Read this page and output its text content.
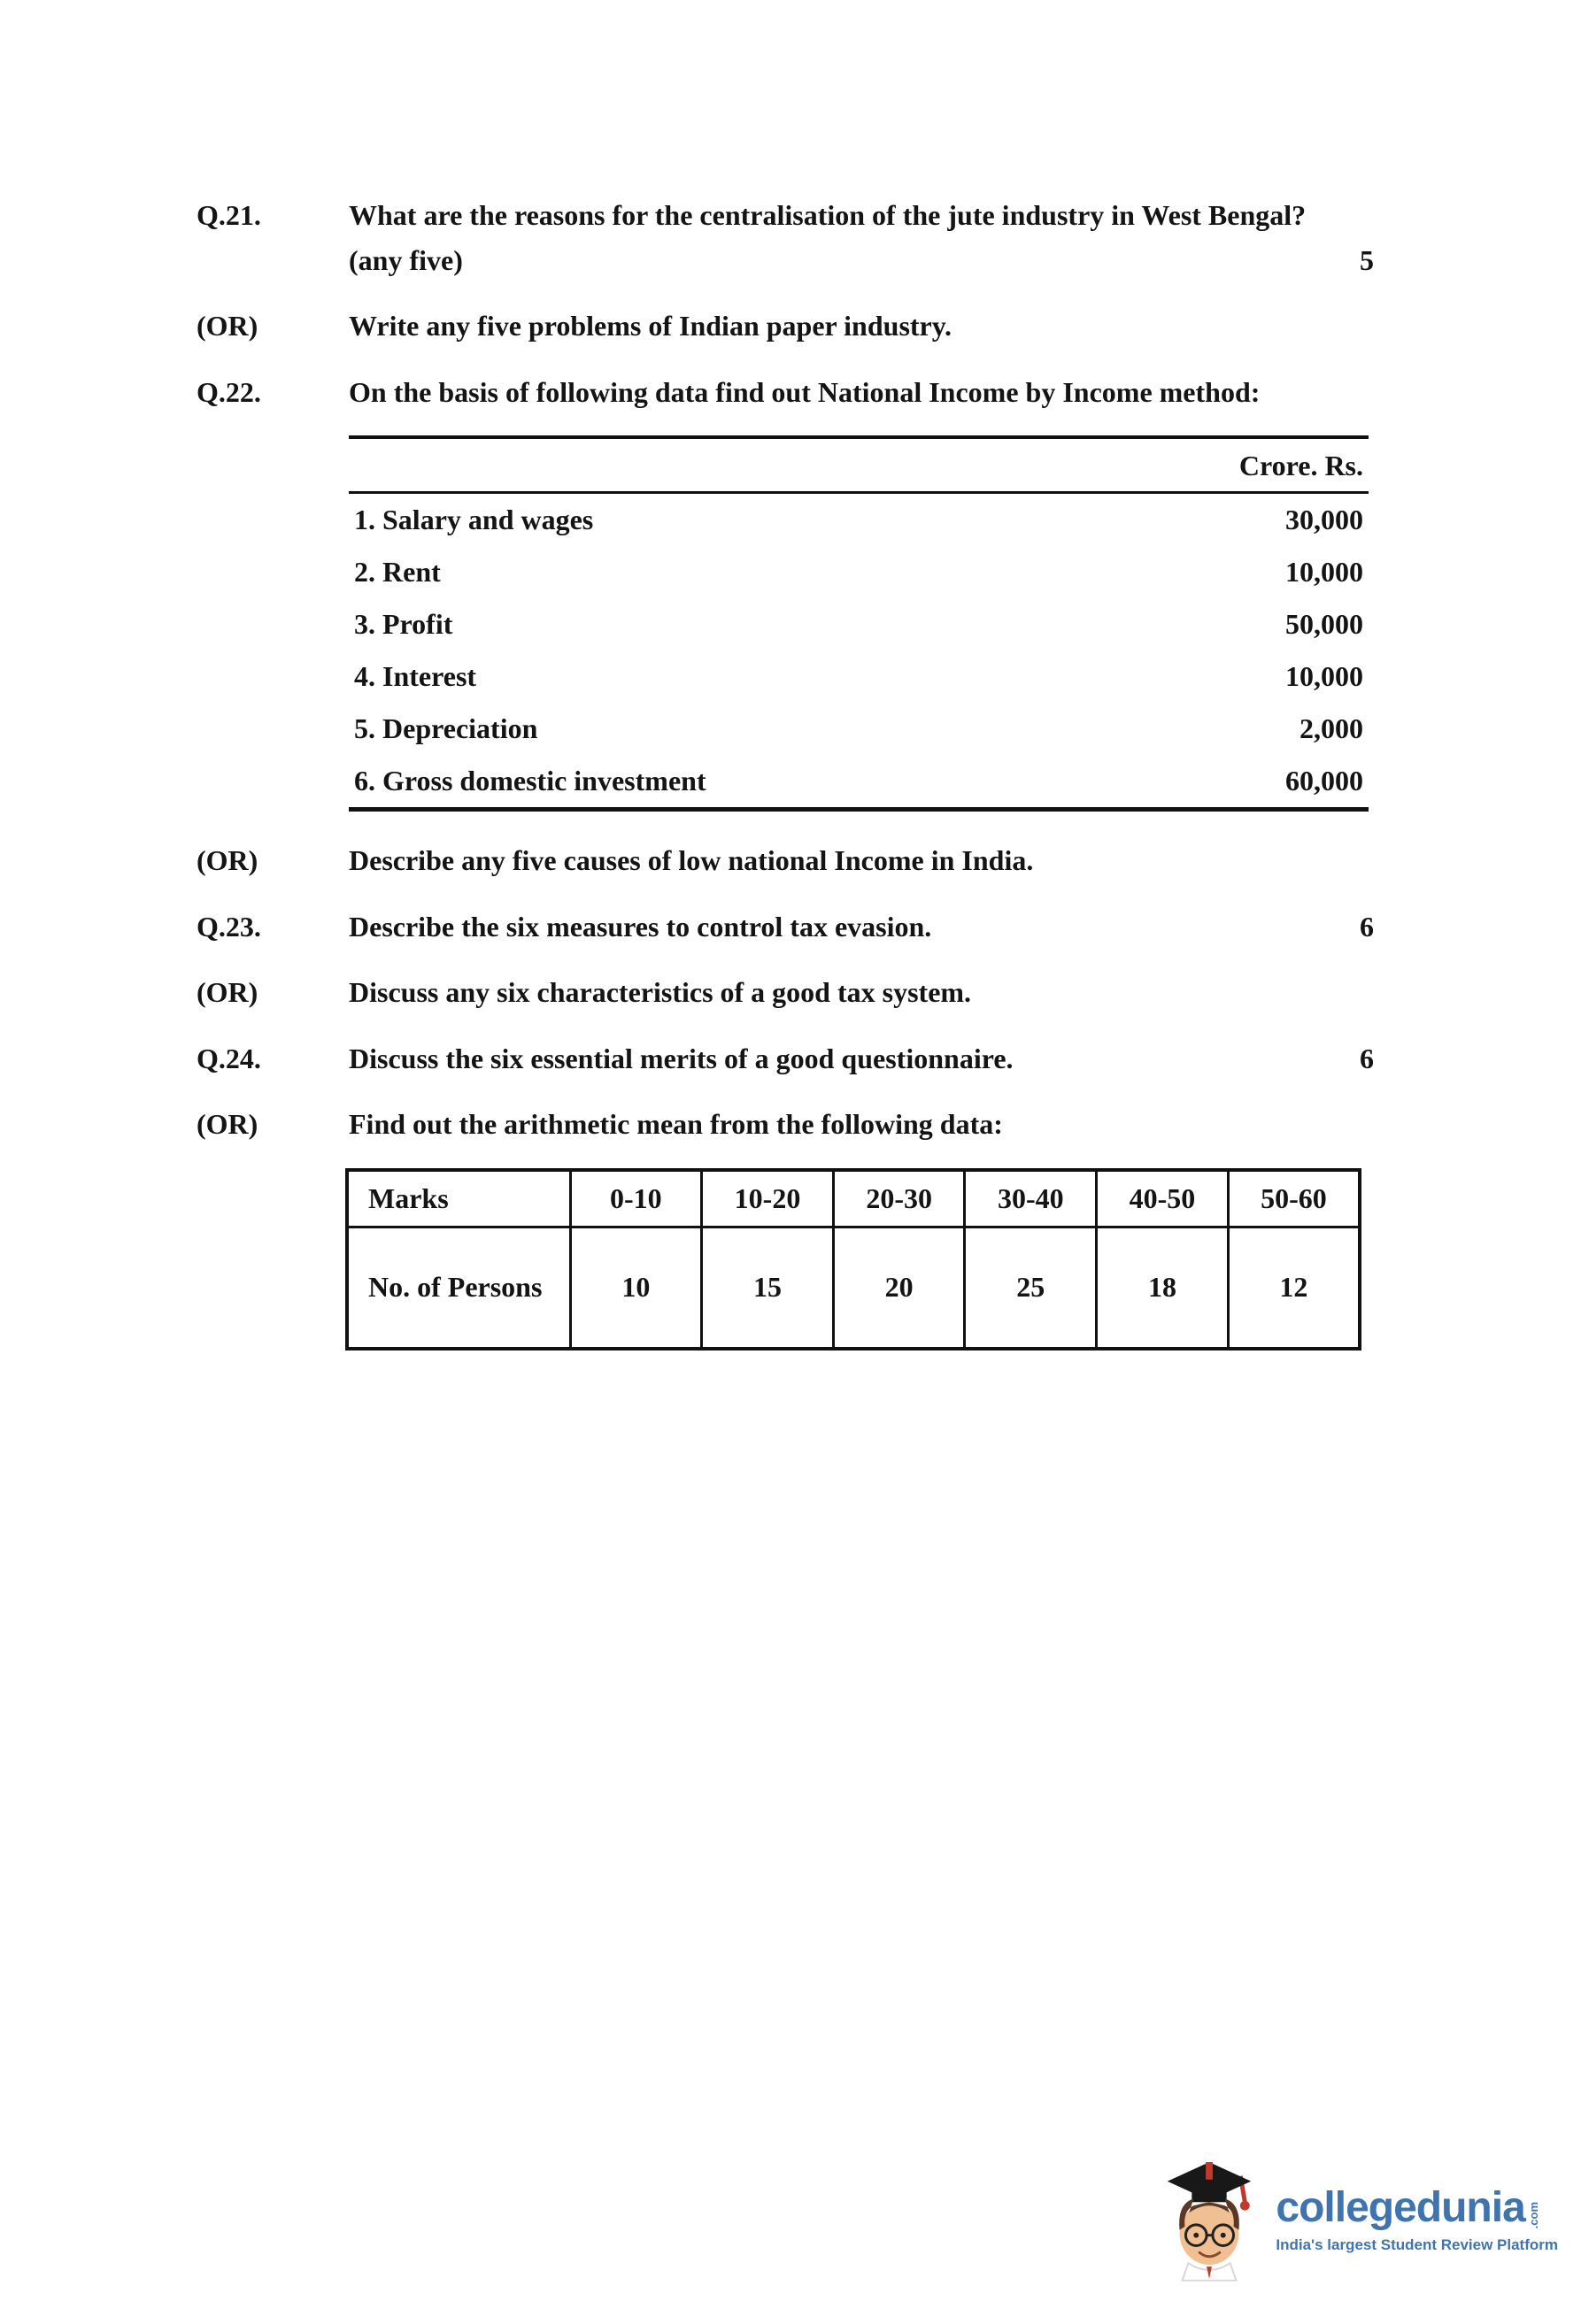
Q.21.	What are the reasons for the centralisation of the jute industry in West Bengal? (any five)	5
(OR)	Write any five problems of Indian paper industry.
Q.22.	On the basis of following data find out National Income by Income method:
Crore. Rs.	
1. Salary and wages	30,000
2. Rent	10,000
3. Profit	50,000
4. Interest	10,000
5. Depreciation	2,000
6. Gross domestic investment	60,000
(OR)	Describe any five causes of low national Income in India.
Q.23.	Describe the six measures to control tax evasion.	6
(OR)	Discuss any six characteristics of a good tax system.
Q.24.	Discuss the six essential merits of a good questionnaire.	6
(OR)	Find out the arithmetic mean from the following data:
Marks	0-10	10-20	20-30	30-40	40-50	50-60
No. of Persons	10	15	20	25	18	12
collegedunia .com
India's largest Student Review Platform
